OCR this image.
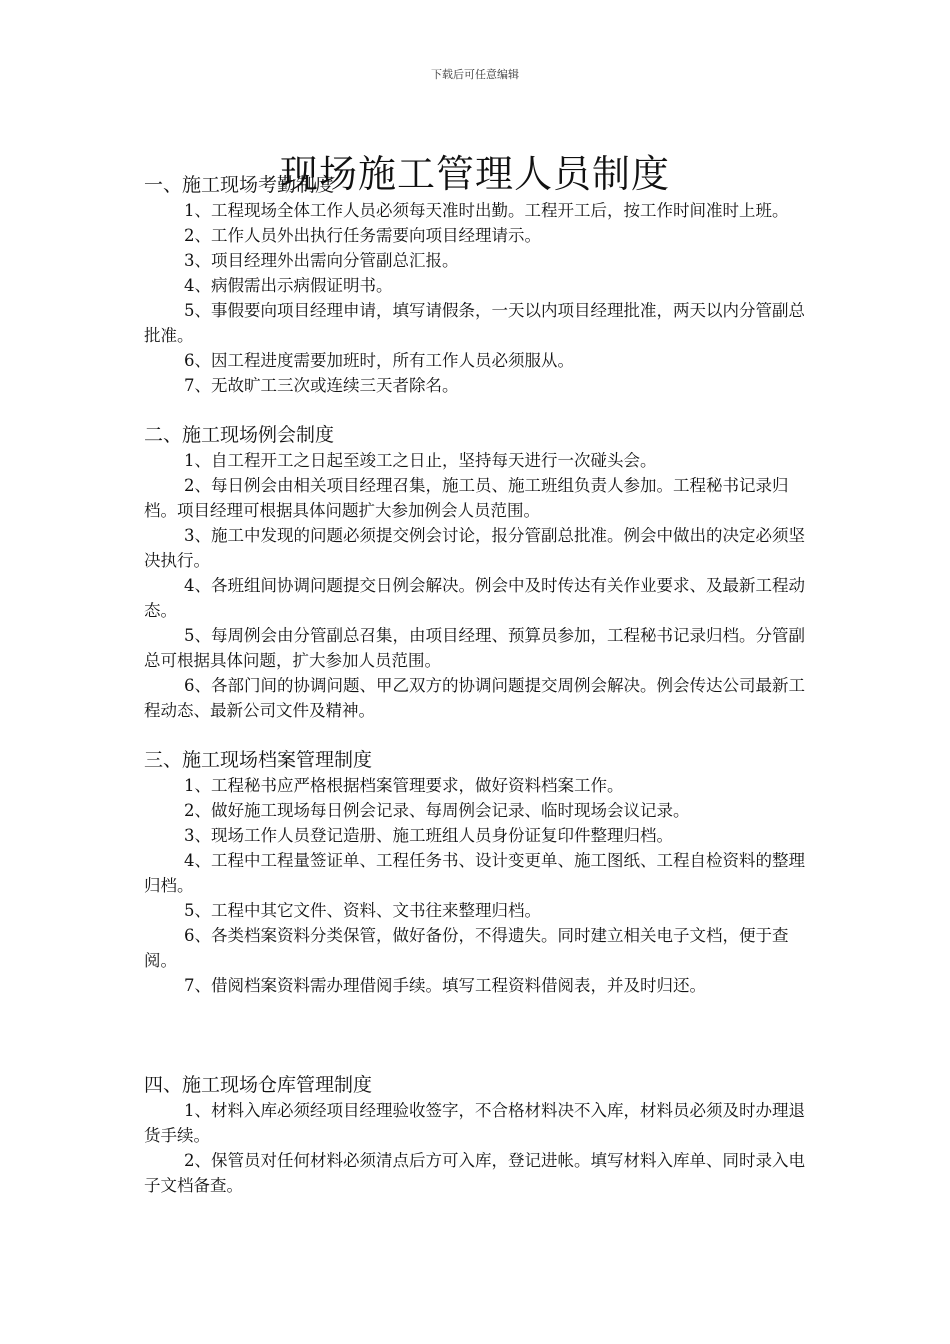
下载后可任意编辑
现场施工管理人员制度

一、施工现场考勤制度

1、工程现场全体工作人员必须每天准时出勤。工程开工后，按工作时间准时上班。

2、工作人员外出执行任务需要向项目经理请示。

3、项目经理外出需向分管副总汇报。

4、病假需出示病假证明书。

5、事假要向项目经理申请，填写请假条，一天以内项目经理批准，两天以内分管副总批准。

6、因工程进度需要加班时，所有工作人员必须服从。

7、无故旷工三次或连续三天者除名。

二、施工现场例会制度

1、自工程开工之日起至竣工之日止，坚持每天进行一次碰头会。

2、每日例会由相关项目经理召集，施工员、施工班组负责人参加。工程秘书记录归档。项目经理可根据具体问题扩大参加例会人员范围。

3、施工中发现的问题必须提交例会讨论，报分管副总批准。例会中做出的决定必须坚决执行。

4、各班组间协调问题提交日例会解决。例会中及时传达有关作业要求、及最新工程动态。

5、每周例会由分管副总召集，由项目经理、预算员参加，工程秘书记录归档。分管副总可根据具体问题，扩大参加人员范围。

6、各部门间的协调问题、甲乙双方的协调问题提交周例会解决。例会传达公司最新工程动态、最新公司文件及精神。

三、施工现场档案管理制度

1、工程秘书应严格根据档案管理要求，做好资料档案工作。

2、做好施工现场每日例会记录、每周例会记录、临时现场会议记录。

3、现场工作人员登记造册、施工班组人员身份证复印件整理归档。

4、工程中工程量签证单、工程任务书、设计变更单、施工图纸、工程自检资料的整理归档。

5、工程中其它文件、资料、文书往来整理归档。

6、各类档案资料分类保管，做好备份，不得遗失。同时建立相关电子文档，便于查阅。

7、借阅档案资料需办理借阅手续。填写工程资料借阅表，并及时归还。

四、施工现场仓库管理制度

1、材料入库必须经项目经理验收签字，不合格材料决不入库，材料员必须及时办理退货手续。

2、保管员对任何材料必须清点后方可入库，登记进帐。填写材料入库单、同时录入电子文档备查。
